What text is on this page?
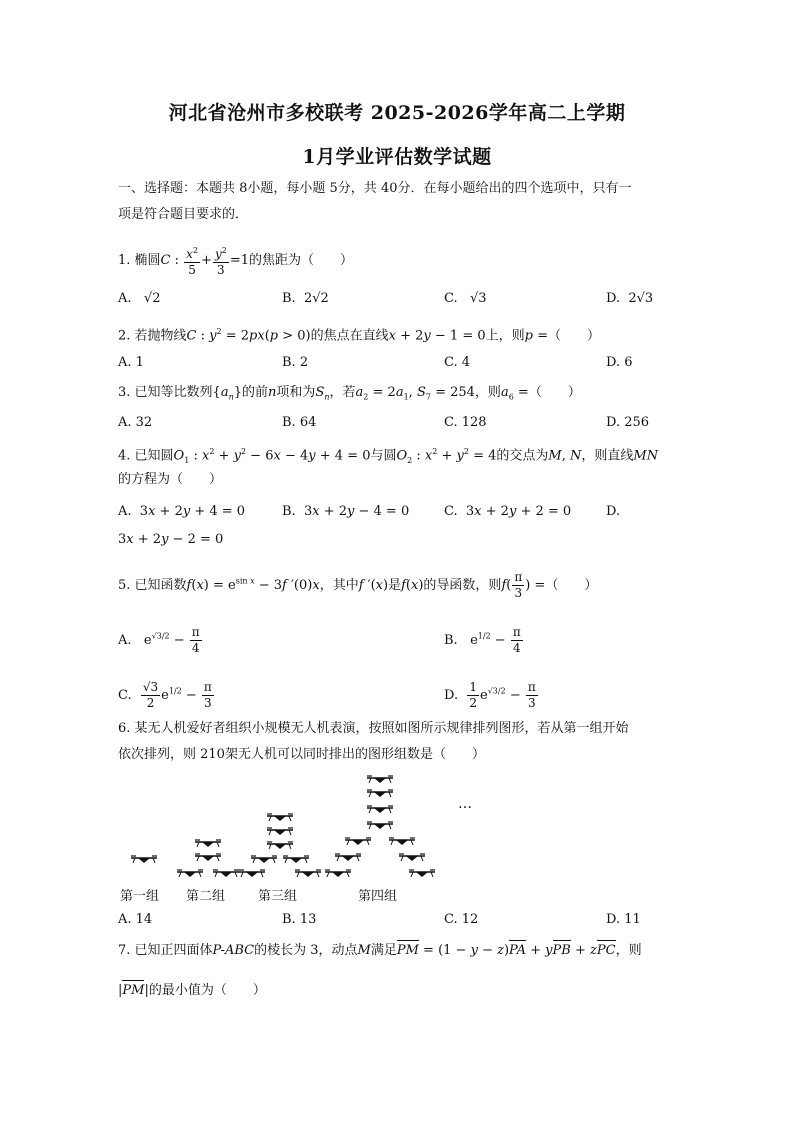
河北省沧州市多校联考 2025-2026学年高二上学期
1月学业评估数学试题
一、选择题：本题共 8小题，每小题 5分，共 40分．在每小题给出的四个选项中，只有一
项是符合题目要求的．
1. 椭圆C : $\frac{x^2}{5} + \frac{y^2}{3} =1$的焦距为（　　）
A.   √2	B.  2√2	C.   √3	D.  2√3
2. 若抛物线C : $y^2 = 2px(p > 0)$的焦点在直线x + 2y − 1 = 0上，则p =（　　）
A. 1	B. 2	C. 4	D. 6
3. 已知等比数列$\{a_n\}$的前n项和为$S_n$，若$a_2 = 2a_1$, $S_7 = 254$，则$a_6$ =（　　）
A. 32	B. 64	C. 128	D. 256
4. 已知圆$O_1$ : $x^2 + y^2 - 6x - 4y + 4 = 0$与圆$O_2$ : $x^2 + y^2 = 4$的交点为M, N，则直线MN
的方程为（　　）
A.  3x + 2y + 4 = 0	B.  3x + 2y − 4 = 0	C.  3x + 2y + 2 = 0	D.
3x + 2y − 2 = 0
5. 已知函数$f(x) = e^{sin x} - 3f$ ′(0)x，其中f ′(x)是f(x)的导函数，则$f( \frac{\pi}{3}$ ) =（　　）
A.   $e^{√3/2} - \frac{\pi}{4}$	B.   $e^{1/2} - \frac{\pi}{4}$
C. $\frac{√3}{2} e^{1/2} - \frac{\pi}{3}$	D. $\frac{1}{2} e^{√3/2} - \frac{\pi}{3}$
6. 某无人机爱好者组织小规模无人机表演，按照如图所示规律排列图形，若从第一组开始
依次排列，则 210架无人机可以同时排出的图形组数是（　　）
…
第一组 第二组	第三组	第四组
A. 14	B. 13	C. 12	D. 11
7. 已知正四面体P-ABC的棱长为 3，动点M满足PM = (1 − y − z)PA + yPB + zPC，则
|PM|的最小值为（　　）
